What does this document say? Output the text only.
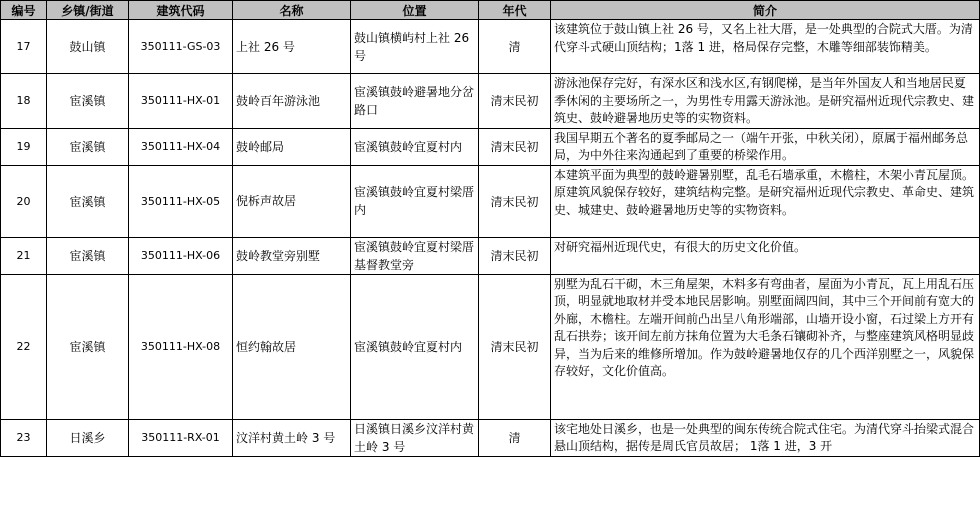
编号	乡镇/街道	建筑代码	名称	位置	年代	简介
17	鼓山镇	350111-GS-03	上社 26 号	鼓山镇横屿村上社 26 号	清	该建筑位于鼓山镇上社 26 号，又名上社大厝，是一处典型的合院式大厝。为清代穿斗式硬山顶结构；1落 1 进，格局保存完整，木雕等细部装饰精美。
18	宦溪镇	350111-HX-01	鼓岭百年游泳池	宦溪镇鼓岭避暑地分岔路口	清末民初	游泳池保存完好，有深水区和浅水区,有钢爬梯，是当年外国友人和当地居民夏季休闲的主要场所之一，为男性专用露天游泳池。是研究福州近现代宗教史、建筑史、鼓岭避暑地历史等的实物资料。
19	宦溪镇	350111-HX-04	鼓岭邮局	宦溪镇鼓岭宜夏村内	清末民初	我国早期五个著名的夏季邮局之一（端午开张，中秋关闭），原属于福州邮务总局，为中外往来沟通起到了重要的桥梁作用。
20	宦溪镇	350111-HX-05	倪柝声故居	宦溪镇鼓岭宜夏村梁厝内	清末民初	本建筑平面为典型的鼓岭避暑别墅，乱毛石墙承重，木檐柱，木架小青瓦屋顶。原建筑风貌保存较好，建筑结构完整。是研究福州近现代宗教史、革命史、建筑史、城建史、鼓岭避暑地历史等的实物资料。
21	宦溪镇	350111-HX-06	鼓岭教堂旁别墅	宦溪镇鼓岭宜夏村梁厝基督教堂旁	清末民初	对研究福州近现代史，有很大的历史文化价值。
22	宦溪镇	350111-HX-08	恒约翰故居	宦溪镇鼓岭宜夏村内	清末民初	别墅为乱石干砌，木三角屋架，木料多有弯曲者，屋面为小青瓦，瓦上用乱石压顶，明显就地取材并受本地民居影响。别墅面阔四间，其中三个开间前有宽大的外廊，木檐柱。左端开间前凸出呈八角形端部，山墙开设小窗，石过梁上方开有乱石拱券；该开间左前方抹角位置为大毛条石镶砌补齐，与整座建筑风格明显歧异，当为后来的维修所增加。作为鼓岭避暑地仅存的几个西洋别墅之一，风貌保存较好，文化价值高。
23	日溪乡	350111-RX-01	汶洋村黄土岭 3 号	日溪镇日溪乡汶洋村黄土岭 3 号	清	该宅地处日溪乡，也是一处典型的闽东传统合院式住宅。为清代穿斗抬梁式混合悬山顶结构，据传是周氏官员故居； 1落 1 进，3 开
